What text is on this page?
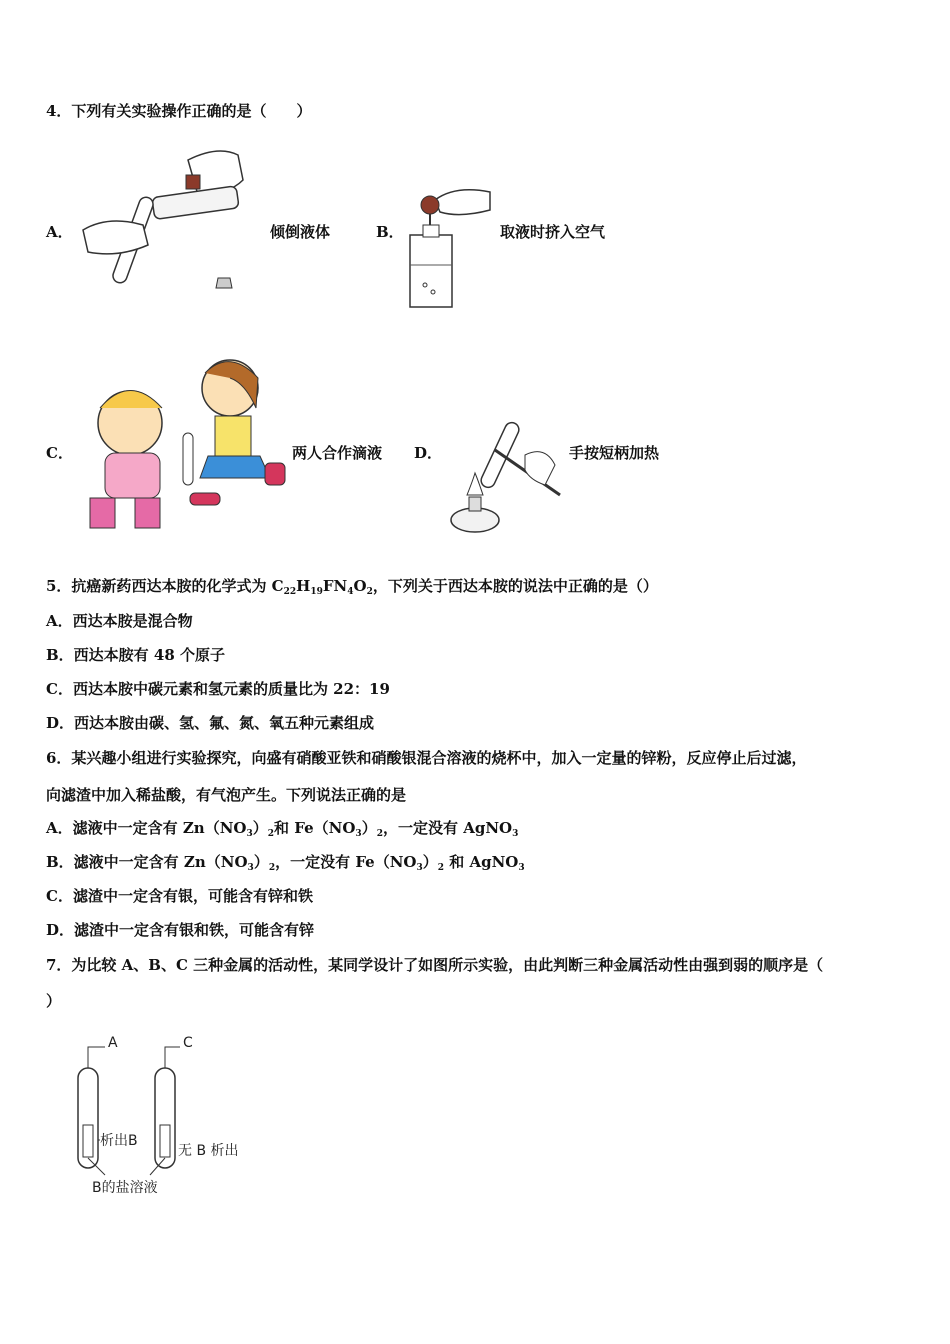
4．下列有关实验操作正确的是（　　）
A．	倾倒液体	B．	取液时挤入空气
C．	两人合作滴液 D．	手按短柄加热
5．抗癌新药西达本胺的化学式为 $C_{22}H_{19}FN_4O_2$，下列关于西达本胺的说法中正确的是（）
A．西达本胺是混合物
B．西达本胺有 48 个原子
C．西达本胺中碳元素和氢元素的质量比为 22：19
D．西达本胺由碳、氢、氟、氮、氧五种元素组成
6．某兴趣小组进行实验探究，向盛有硝酸亚铁和硝酸银混合溶液的烧杯中，加入一定量的锌粉，反应停止后过滤，
向滤渣中加入稀盐酸，有气泡产生。下列说法正确的是
A．滤液中一定含有 $Zn(NO_3)_2$和 $Fe(NO_3)_2$，一定没有 AgNO$_3$
B．滤液中一定含有 $Zn(NO_3)_2$，一定没有 $Fe(NO_3)_2$ 和 AgNO$_3$
C．滤渣中一定含有银，可能含有锌和铁
D．滤渣中一定含有银和铁，可能含有锌
7．为比较 A、B、C 三种金属的活动性，某同学设计了如图所示实验，由此判断三种金属活动性由强到弱的顺序是（
）
A
析出B
C
无 B 析出
B的盐溶液
